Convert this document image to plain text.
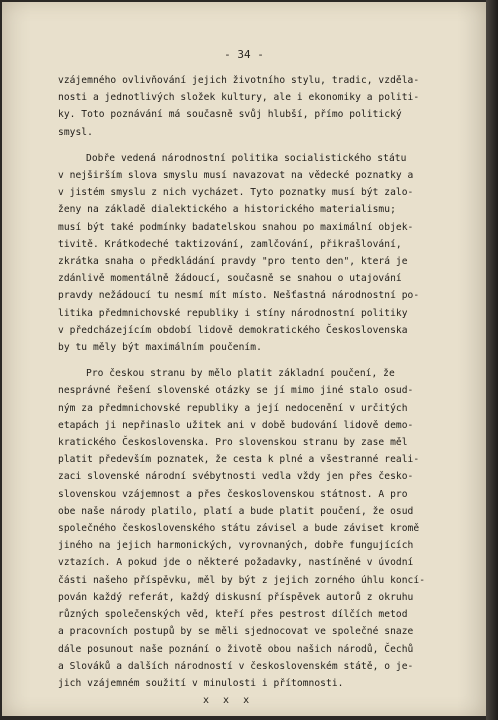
- 34 -
vzájemného ovlivňování jejich životního stylu, tradic, vzděla-
nosti a jednotlivých složek kultury, ale i ekonomiky a politi-
ky. Toto poznávání má současně svůj hlubší, přímo politický
smysl.
Dobře vedená národnostní politika socialistického státu
v nejširším slova smyslu musí navazovat na vědecké poznatky a
v jistém smyslu z nich vycházet. Tyto poznatky musí být zalo-
ženy na základě dialektického a historického materialismu;
musí být také podmínky badatelskou snahou po maximální objek-
tivitě. Krátkodeché taktizování, zamlčování, přikrašlování,
zkrátka snaha o předkládání pravdy "pro tento den", která je
zdánlivě momentálně žádoucí, současně se snahou o utajování
pravdy nežádoucí tu nesmí mít místo. Nešťastná národnostní po-
litika předmnichovské republiky i stíny národnostní politiky
v předcházejícím období lidově demokratického Československa
by tu měly být maximálním poučením.
Pro českou stranu by mělo platit základní poučení, že
nesprávné řešení slovenské otázky se jí mimo jiné stalo osud-
ným za předmnichovské republiky a její nedocenění v určitých
etapách ji nepřinaslo užitek ani v době budování lidově demo-
kratického Československa. Pro slovenskou stranu by zase měl
platit především poznatek, že cesta k plné a všestranné reali-
zaci slovenské národní svébytnosti vedla vždy jen přes česko-
slovenskou vzájemnost a přes československou státnost. A pro
obe naše národy platilo, platí a bude platit poučení, že osud
společného československého státu závisel a bude záviset kromě
jiného na jejich harmonických, vyrovnaných, dobře fungujících
vztazích. A pokud jde o některé požadavky, nastíněné v úvodní
části našeho příspěvku, měl by být z jejich zorného úhlu koncí-
pován každý referát, každý diskusní příspěvek autorů z okruhu
různých společenských věd, kteří přes pestrost dílčích metod
a pracovních postupů by se měli sjednocovat ve společné snaze
dále posunout naše poznání o životě obou našich národů, Čechů
a Slováků a dalších národností v československém státě, o je-
jich vzájemném soužití v minulosti i přítomnosti.
x x x
